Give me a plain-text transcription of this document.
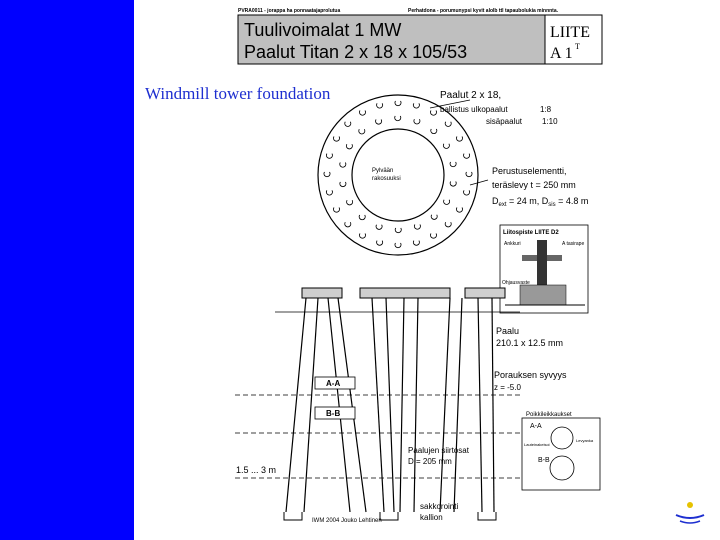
PVRA0011 - jorappa ha ponnaatajaprolutua	Perhatdona - porumunypsi kyvit alolb ttl tapaubolukia minnnta.
Tuulivoimalat 1 MW
Paalut Titan 2 x 18 x 105/53
LIITE
A 1 T
Paalut 2 x 18,
ballistus ulkopaalut	1:8
sisäpaalut 1:10
Pylvään
rakosuuksi
Perustuselementti,
teräslevy t = 250 mm
$D_{ext} = 24$ m, $D_{sis} = 4.8$ m
Liitospiste LIITE D2
Ankkuri	A tasirape
Ohjausvaste
Paalu
210.1 x 12.5 mm
Porauksen syvyys
z = -5.0
A-A
B-B	Poikkileikkaukset
A-A
Lauteinakeisoi
Levyanka
B-B
Paalujen siirtosat
D = 205 mm
1.5 ... 3 m
sakkorointi
kallion
IWM 2004 Jouko Lehtinen
Windmill tower foundation
